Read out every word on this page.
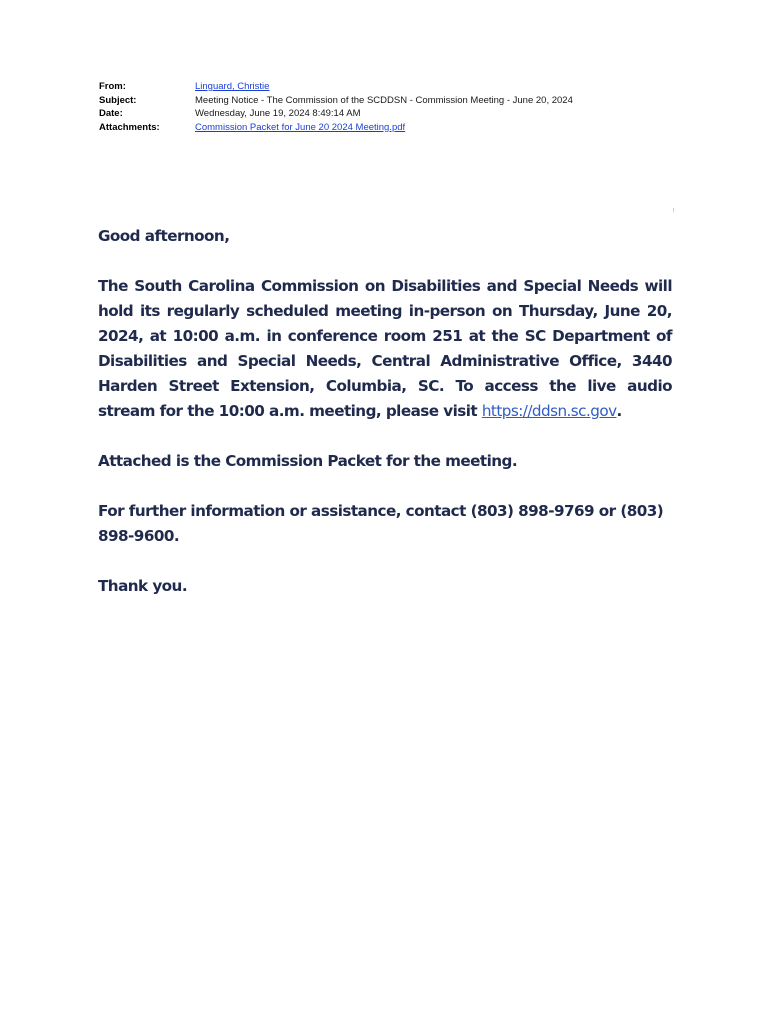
From:	Linguard, Christie
Subject:	Meeting Notice - The Commission of the SCDDSN - Commission Meeting - June 20, 2024
Date:	Wednesday, June 19, 2024 8:49:14 AM
Attachments:	Commission Packet for June 20 2024 Meeting.pdf

Good afternoon,

The South Carolina Commission on Disabilities and Special Needs will hold its regularly scheduled meeting in-person on Thursday, June 20, 2024, at 10:00 a.m. in conference room 251 at the SC Department of Disabilities and Special Needs, Central Administrative Office, 3440 Harden Street Extension, Columbia, SC. To access the live audio stream for the 10:00 a.m. meeting, please visit https://ddsn.sc.gov.

Attached is the Commission Packet for the meeting.

For further information or assistance, contact (803) 898-9769 or (803) 898-9600.

Thank you.
